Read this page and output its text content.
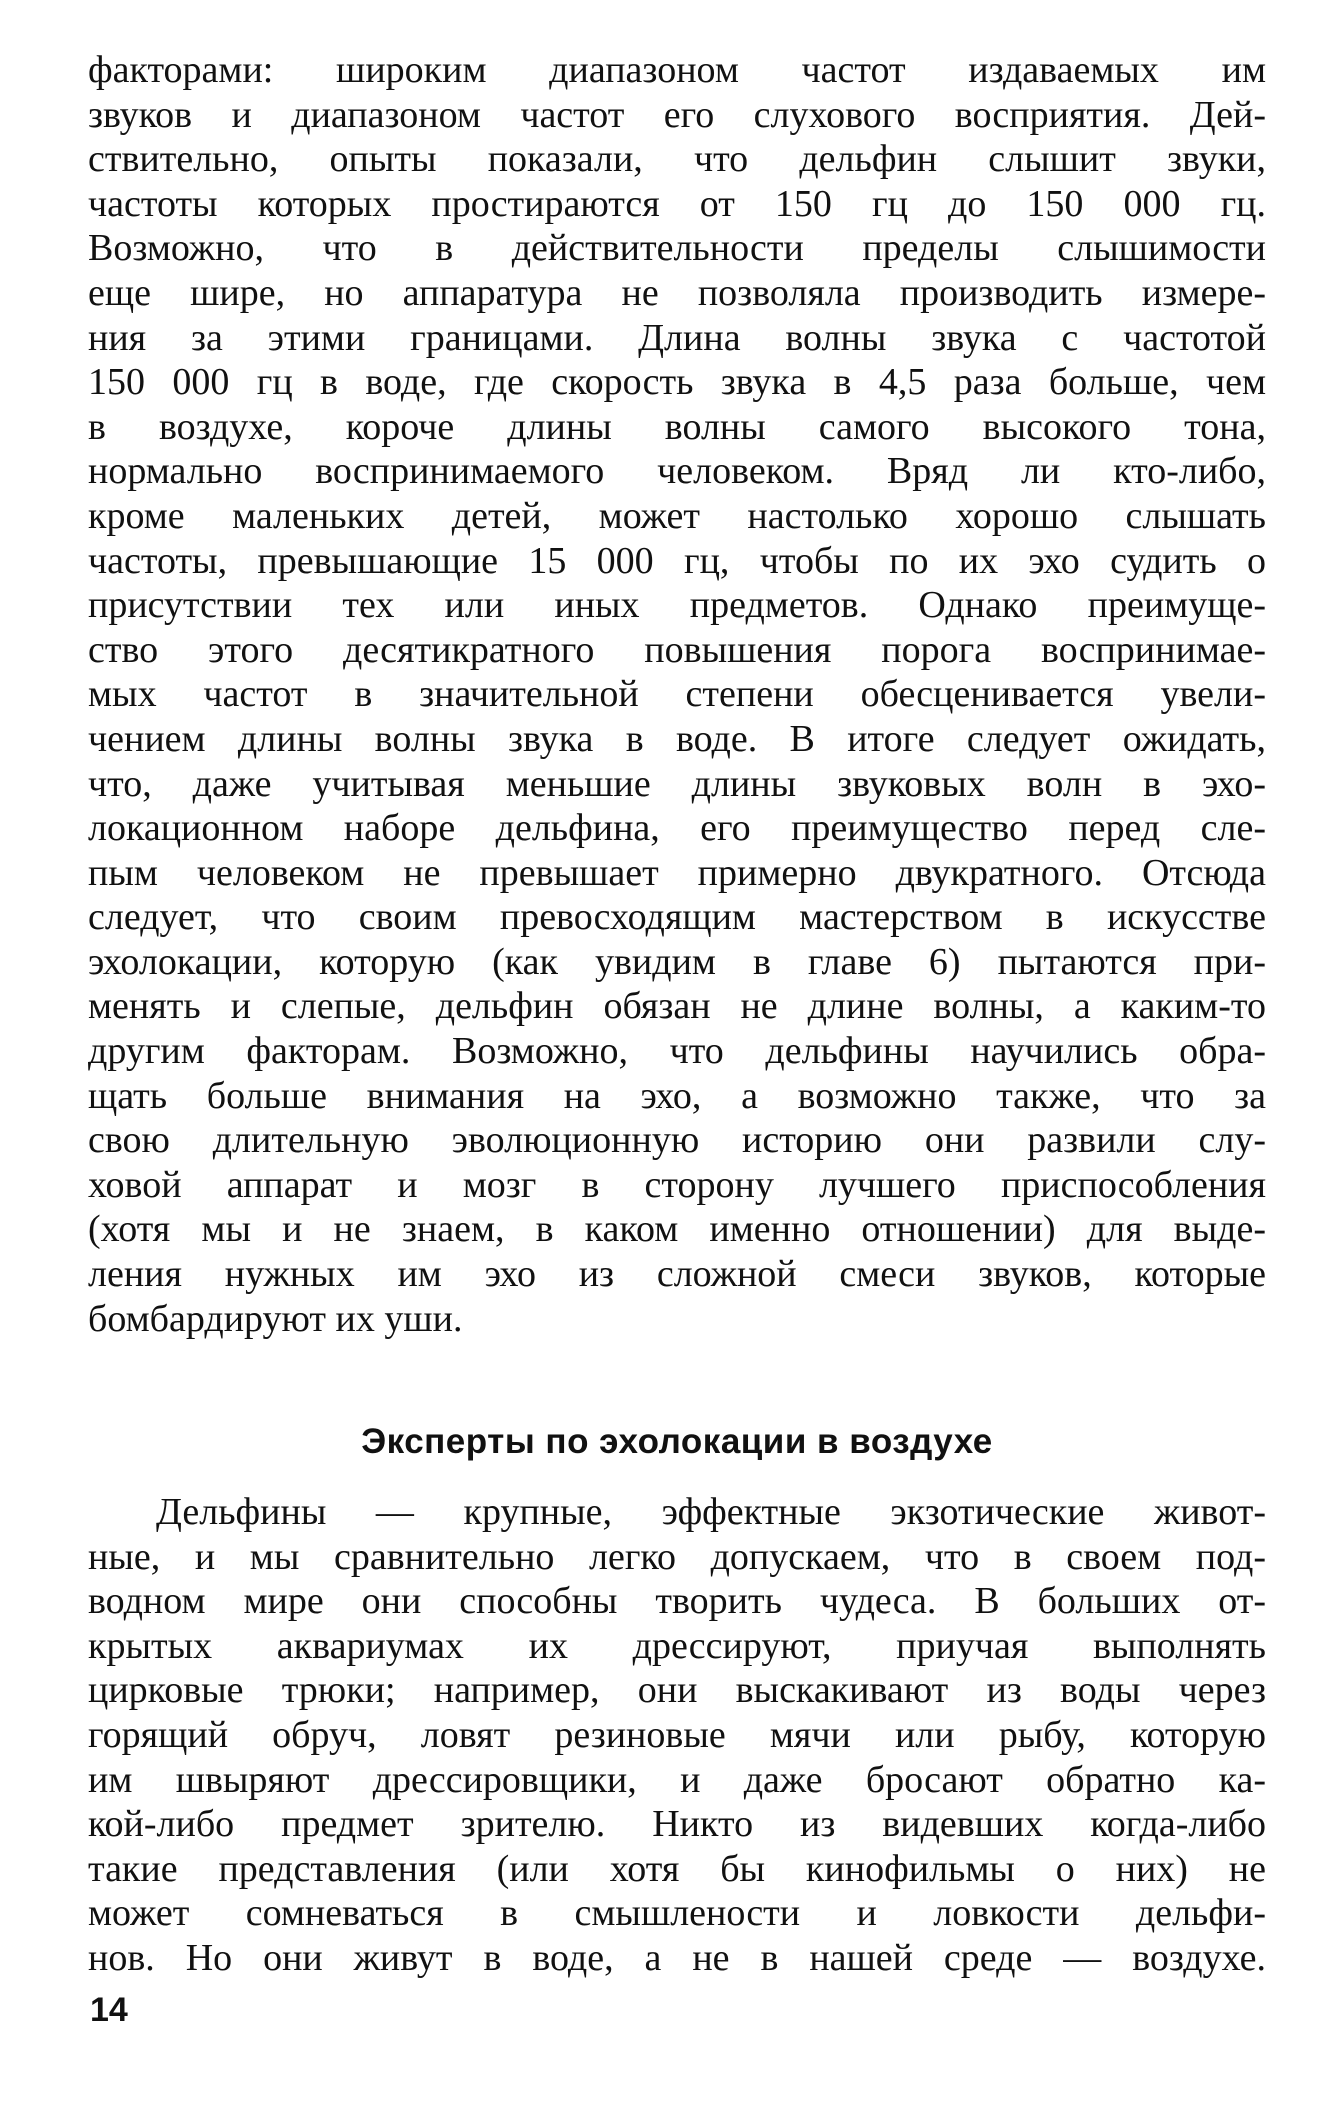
факторами: широким диапазоном частот издаваемых им
звуков и диапазоном частот его слухового восприятия. Дей-
ствительно, опыты показали, что дельфин слышит звуки,
частоты которых простираются от 150 гц до 150 000 гц.
Возможно, что в действительности пределы слышимости
еще шире, но аппаратура не позволяла производить измере-
ния за этими границами. Длина волны звука с частотой
150 000 гц в воде, где скорость звука в 4,5 раза больше, чем
в воздухе, короче длины волны самого высокого тона,
нормально воспринимаемого человеком. Вряд ли кто-либо,
кроме маленьких детей, может настолько хорошо слышать
частоты, превышающие 15 000 гц, чтобы по их эхо судить о
присутствии тех или иных предметов. Однако преимуще-
ство этого десятикратного повышения порога воспринимае-
мых частот в значительной степени обесценивается увели-
чением длины волны звука в воде. В итоге следует ожидать,
что, даже учитывая меньшие длины звуковых волн в эхо-
локационном наборе дельфина, его преимущество перед сле-
пым человеком не превышает примерно двукратного. Отсюда
следует, что своим превосходящим мастерством в искусстве
эхолокации, которую (как увидим в главе 6) пытаются при-
менять и слепые, дельфин обязан не длине волны, а каким-то
другим факторам. Возможно, что дельфины научились обра-
щать больше внимания на эхо, а возможно также, что за
свою длительную эволюционную историю они развили слу-
ховой аппарат и мозг в сторону лучшего приспособления
(хотя мы и не знаем, в каком именно отношении) для выде-
ления нужных им эхо из сложной смеси звуков, которые
бомбардируют их уши.
Эксперты по эхолокации в воздухе
Дельфины — крупные, эффектные экзотические живот-
ные, и мы сравнительно легко допускаем, что в своем под-
водном мире они способны творить чудеса. В больших от-
крытых аквариумах их дрессируют, приучая выполнять
цирковые трюки; например, они выскакивают из воды через
горящий обруч, ловят резиновые мячи или рыбу, которую
им швыряют дрессировщики, и даже бросают обратно ка-
кой-либо предмет зрителю. Никто из видевших когда-либо
такие представления (или хотя бы кинофильмы о них) не
может сомневаться в смышлености и ловкости дельфи-
нов. Но они живут в воде, а не в нашей среде — воздухе.
14
